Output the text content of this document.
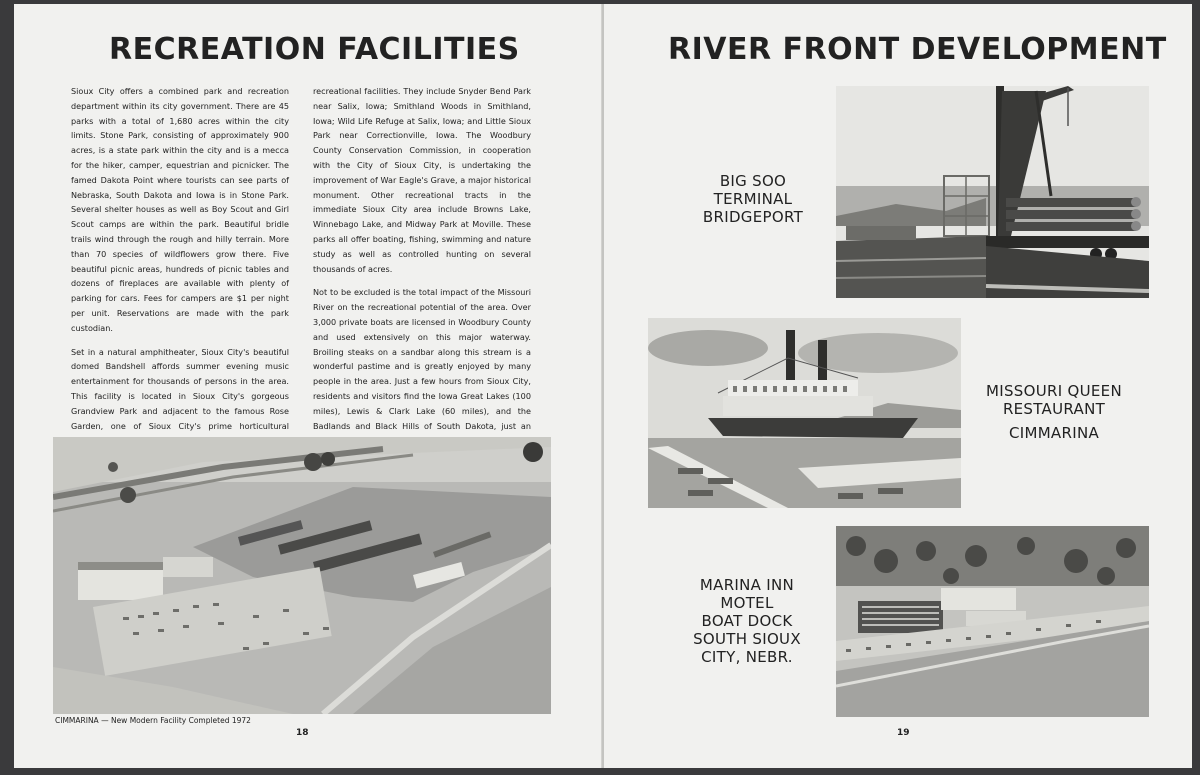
RECREATION FACILITIES

Sioux City offers a combined park and recreation department within its city government. There are 45 parks with a total of 1,680 acres within the city limits. Stone Park, consisting of approximately 900 acres, is a state park within the city and is a mecca for the hiker, camper, equestrian and picnicker. The famed Dakota Point where tourists can see parts of Nebraska, South Dakota and Iowa is in Stone Park. Several shelter houses as well as Boy Scout and Girl Scout camps are within the park. Beautiful bridle trails wind through the rough and hilly terrain. More than 70 species of wildflowers grow there. Five beautiful picnic areas, hundreds of picnic tables and dozens of fireplaces are available with plenty of parking for cars. Fees for campers are $1 per night per unit. Reservations are made with the park custodian.

Set in a natural amphitheater, Sioux City's beautiful domed Bandshell affords summer evening music entertainment for thousands of persons in the area. This facility is located in Sioux City's gorgeous Grandview Park and adjacent to the famous Rose Garden, one of Sioux City's prime horticultural

recreational facilities. They include Snyder Bend Park near Salix, Iowa; Smithland Woods in Smithland, Iowa; Wild Life Refuge at Salix, Iowa; and Little Sioux Park near Correctionville, Iowa. The Woodbury County Conservation Commission, in cooperation with the City of Sioux City, is undertaking the improvement of War Eagle's Grave, a major historical monument. Other recreational tracts in the immediate Sioux City area include Browns Lake, Winnebago Lake, and Midway Park at Moville. These parks all offer boating, fishing, swimming and nature study as well as controlled hunting on several thousands of acres.

Not to be excluded is the total impact of the Missouri River on the recreational potential of the area. Over 3,000 private boats are licensed in Woodbury County and used extensively on this major waterway. Broiling steaks on a sandbar along this stream is a wonderful pastime and is greatly enjoyed by many people in the area. Just a few hours from Sioux City, residents and visitors find the Iowa Great Lakes (100 miles), Lewis & Clark Lake (60 miles), and the Badlands and Black Hills of South Dakota, just an

CIMMARINA — New Modern Facility Completed 1972
18
RIVER FRONT DEVELOPMENT
BIG SOO
TERMINAL
BRIDGEPORT
MISSOURI QUEEN
RESTAURANT
CIMMARINA
MARINA INN
MOTEL
BOAT DOCK
SOUTH SIOUX
CITY, NEBR.
19
